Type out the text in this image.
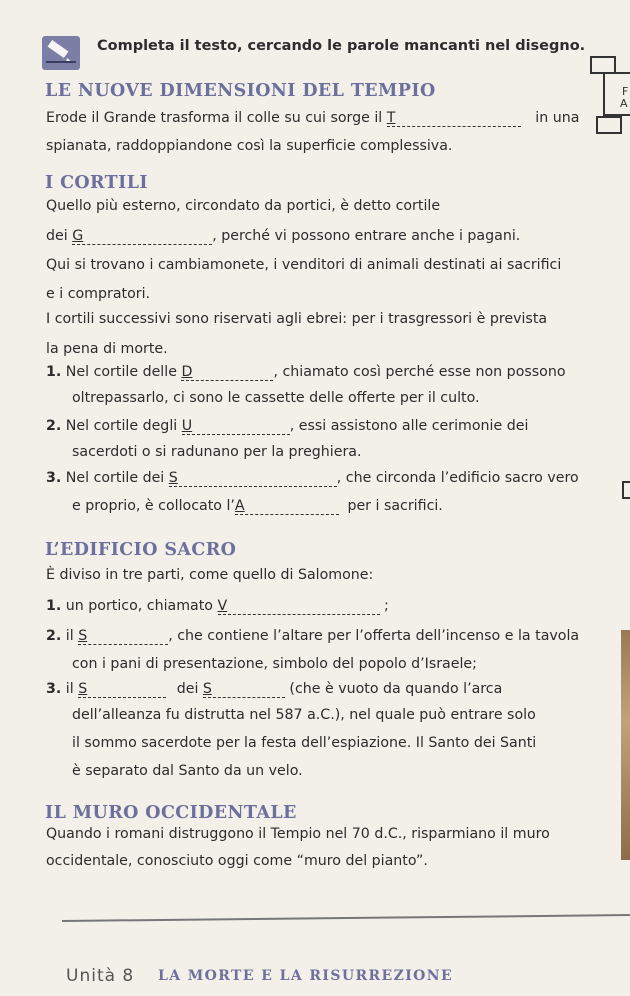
Completa il testo, cercando le parole mancanti nel disegno.
F
A
LE NUOVE DIMENSIONI DEL TEMPIO
Erode il Grande trasforma il colle su cui sorge il T	in una
spianata, raddoppiandone così la superficie complessiva.
I CORTILI
Quello più esterno, circondato da portici, è detto cortile
dei G	, perché vi possono entrare anche i pagani.
Qui si trovano i cambiamonete, i venditori di animali destinati ai sacrifici
e i compratori.
I cortili successivi sono riservati agli ebrei: per i trasgressori è prevista
la pena di morte.
1. Nel cortile delle D	, chiamato così perché esse non possono
oltrepassarlo, ci sono le cassette delle offerte per il culto.
2. Nel cortile degli U	, essi assistono alle cerimonie dei
sacerdoti o si radunano per la preghiera.
3. Nel cortile dei S	, che circonda l’edificio sacro vero
e proprio, è collocato l’A	per i sacrifici.
L’EDIFICIO SACRO
È diviso in tre parti, come quello di Salomone:
1. un portico, chiamato V	;
2. il S	, che contiene l’altare per l’offerta dell’incenso e la tavola
con i pani di presentazione, simbolo del popolo d’Israele;
3. il S	dei S	(che è vuoto da quando l’arca
dell’alleanza fu distrutta nel 587 a.C.), nel quale può entrare solo
il sommo sacerdote per la festa dell’espiazione. Il Santo dei Santi
è separato dal Santo da un velo.
IL MURO OCCIDENTALE
Quando i romani distruggono il Tempio nel 70 d.C., risparmiano il muro
occidentale, conosciuto oggi come “muro del pianto”.
Unità 8 LA MORTE E LA RISURREZIONE
